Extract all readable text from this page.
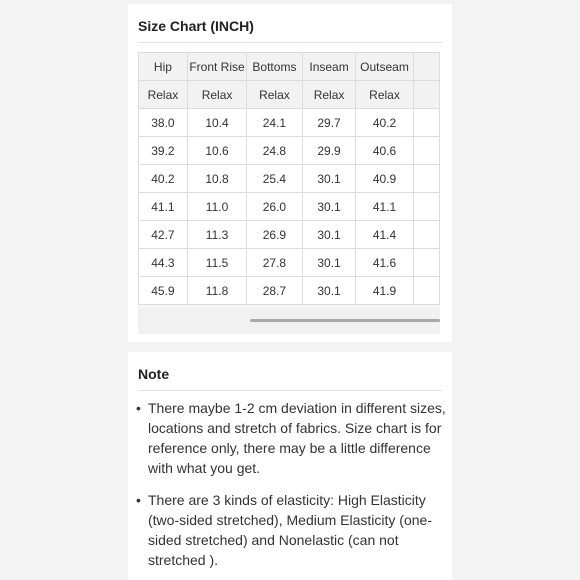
Size Chart (INCH)
Hip	Front Rise	Bottoms	Inseam	Outseam	
Relax	Relax	Relax	Relax	Relax	
38.0	10.4	24.1	29.7	40.2	
39.2	10.6	24.8	29.9	40.6	
40.2	10.8	25.4	30.1	40.9	
41.1	11.0	26.0	30.1	41.1	
42.7	11.3	26.9	30.1	41.4	
44.3	11.5	27.8	30.1	41.6	
45.9	11.8	28.7	30.1	41.9	
Note
• There maybe 1-2 cm deviation in different sizes, locations and stretch of fabrics. Size chart is for reference only, there may be a little difference with what you get.
• There are 3 kinds of elasticity: High Elasticity (two-sided stretched), Medium Elasticity (one-sided stretched) and Nonelastic (can not stretched ).
